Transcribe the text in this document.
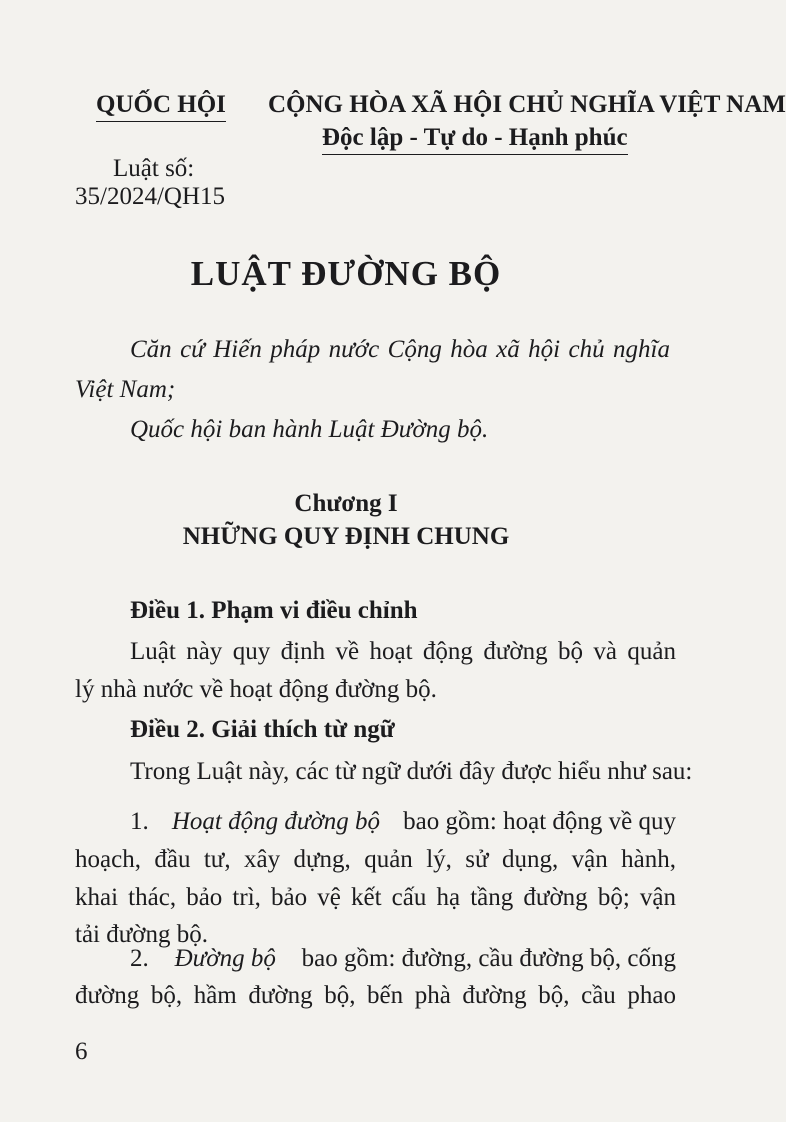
QUỐC HỘI CỘNG HÒA XÃ HỘI CHỦ NGHĨA VIỆT NAM
Độc lập - Tự do - Hạnh phúc
Luật số:
35/2024/QH15
LUẬT ĐƯỜNG BỘ
Căn cứ Hiến pháp nước Cộng hòa xã hội chủ nghĩa
Việt Nam;
Quốc hội ban hành Luật Đường bộ.
Chương I
NHỮNG QUY ĐỊNH CHUNG
Điều 1. Phạm vi điều chỉnh
Luật này quy định về hoạt động đường bộ và quản
lý nhà nước về hoạt động đường bộ.
Điều 2. Giải thích từ ngữ
Trong Luật này, các từ ngữ dưới đây được hiểu như sau:
1. Hoạt động đường bộ bao gồm: hoạt động về quy
hoạch, đầu tư, xây dựng, quản lý, sử dụng, vận hành,
khai thác, bảo trì, bảo vệ kết cấu hạ tầng đường bộ; vận
tải đường bộ.
2. Đường bộ bao gồm: đường, cầu đường bộ, cống
đường bộ, hầm đường bộ, bến phà đường bộ, cầu phao
6
